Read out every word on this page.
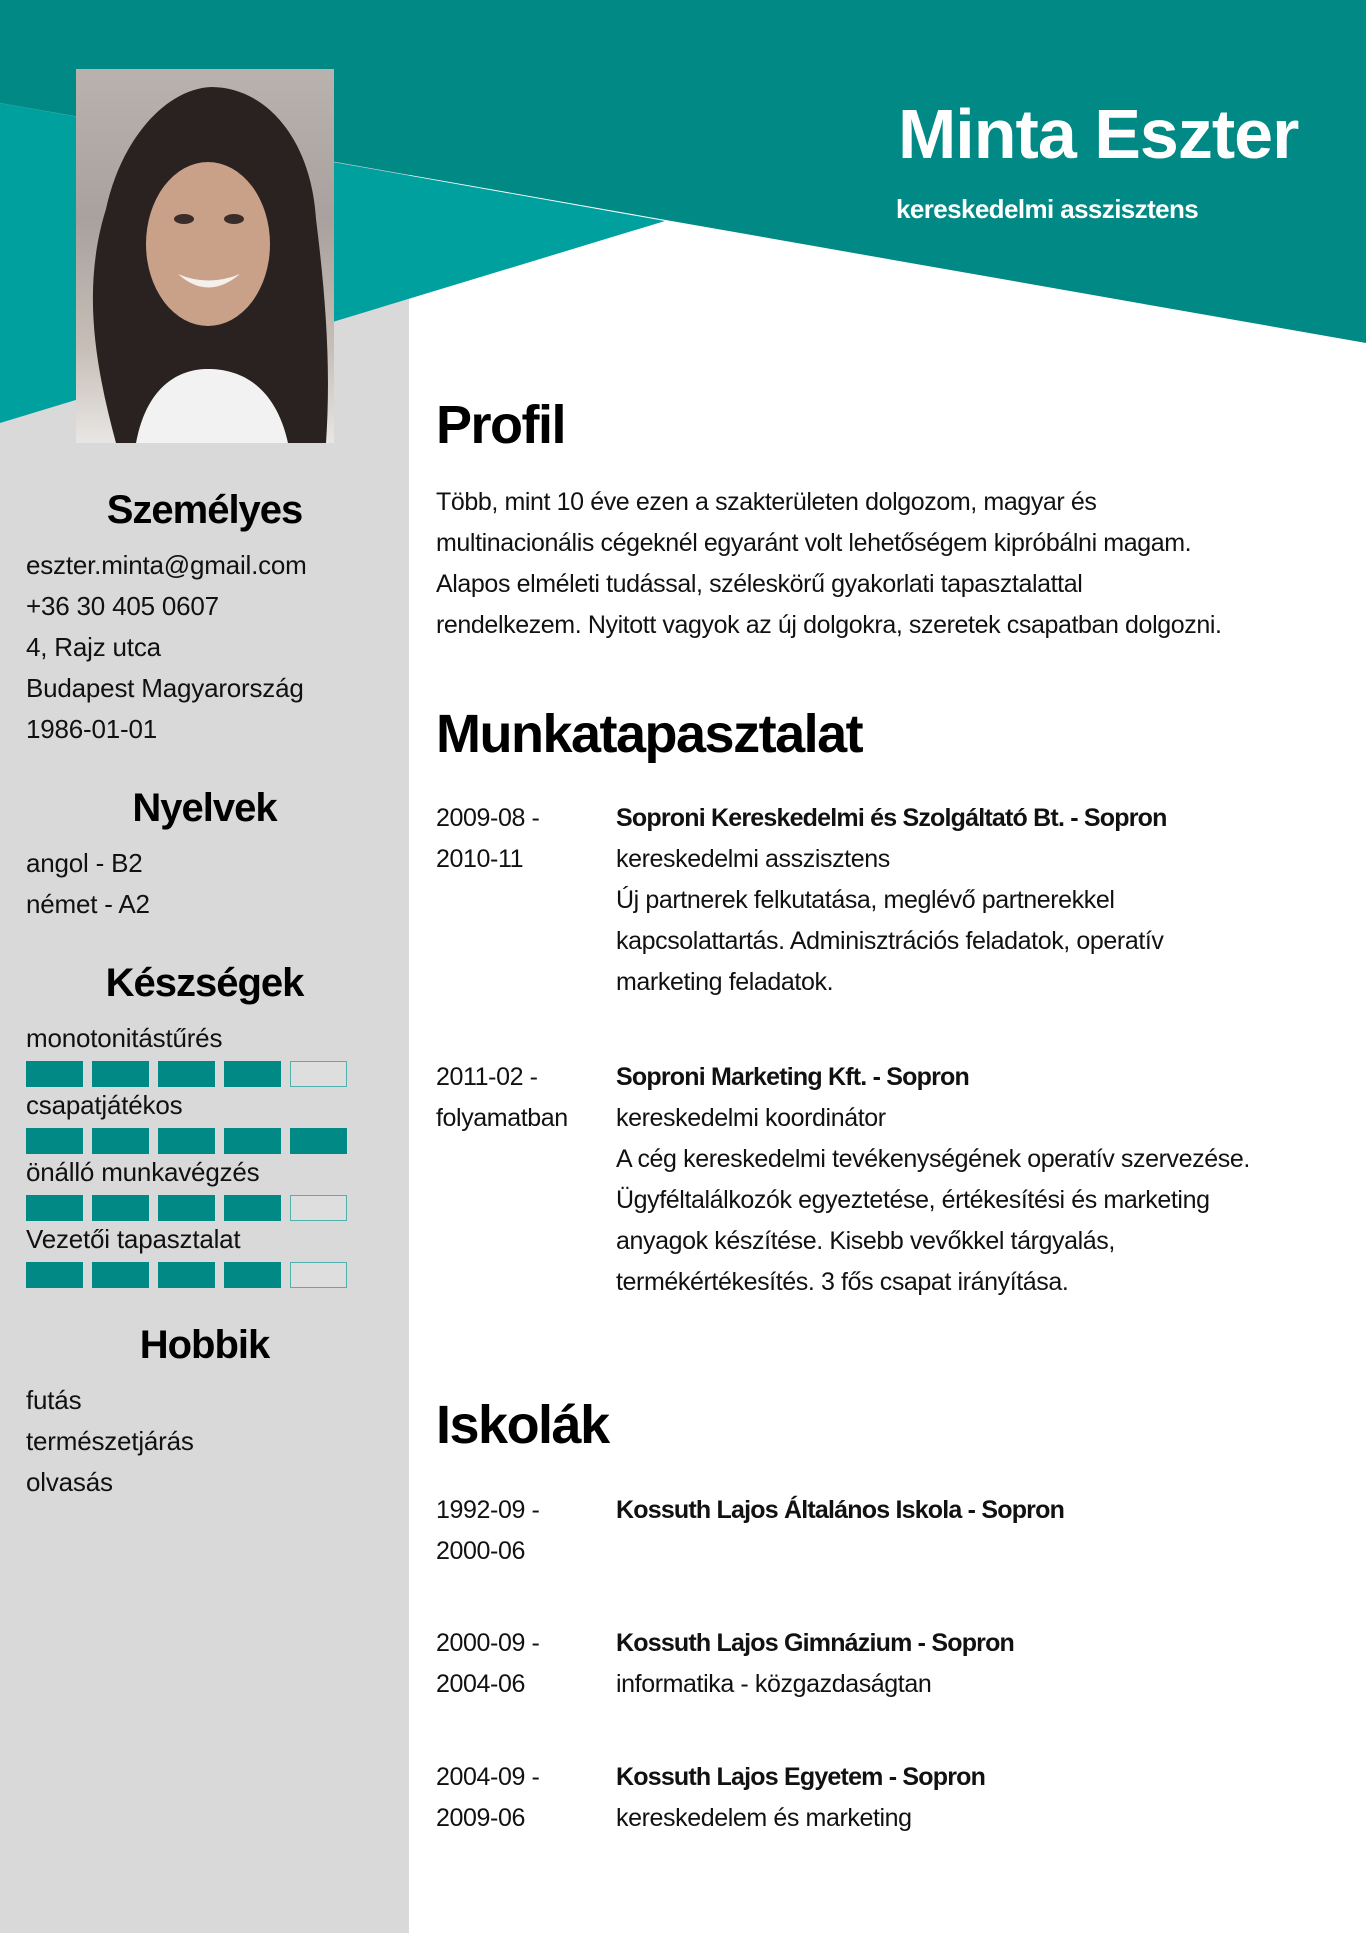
Minta Eszter
kereskedelmi asszisztens
Személyes
eszter.minta@gmail.com
+36 30 405 0607
4, Rajz utca
Budapest Magyarország
1986-01-01
Nyelvek
angol - B2
német - A2
Készségek
monotonitástűrés
csapatjátékos
önálló munkavégzés
Vezetői tapasztalat
Hobbik
futás
természetjárás
olvasás
Profil
Több, mint 10 éve ezen a szakterületen dolgozom, magyar és
multinacionális cégeknél egyaránt volt lehetőségem kipróbálni magam.
Alapos elméleti tudással, széleskörű gyakorlati tapasztalattal
rendelkezem. Nyitott vagyok az új dolgokra, szeretek csapatban dolgozni.
Munkatapasztalat
2009-08 -
2010-11
Soproni Kereskedelmi és Szolgáltató Bt. - Sopron
kereskedelmi asszisztens
Új partnerek felkutatása, meglévő partnerekkel
kapcsolattartás. Adminisztrációs feladatok, operatív
marketing feladatok.
2011-02 -
folyamatban
Soproni Marketing Kft. - Sopron
kereskedelmi koordinátor
A cég kereskedelmi tevékenységének operatív szervezése.
Ügyféltalálkozók egyeztetése, értékesítési és marketing
anyagok készítése. Kisebb vevőkkel tárgyalás,
termékértékesítés. 3 fős csapat irányítása.
Iskolák
1992-09 -
2000-06
Kossuth Lajos Általános Iskola - Sopron
2000-09 -
2004-06
Kossuth Lajos Gimnázium - Sopron
informatika - közgazdaságtan
2004-09 -
2009-06
Kossuth Lajos Egyetem - Sopron
kereskedelem és marketing
